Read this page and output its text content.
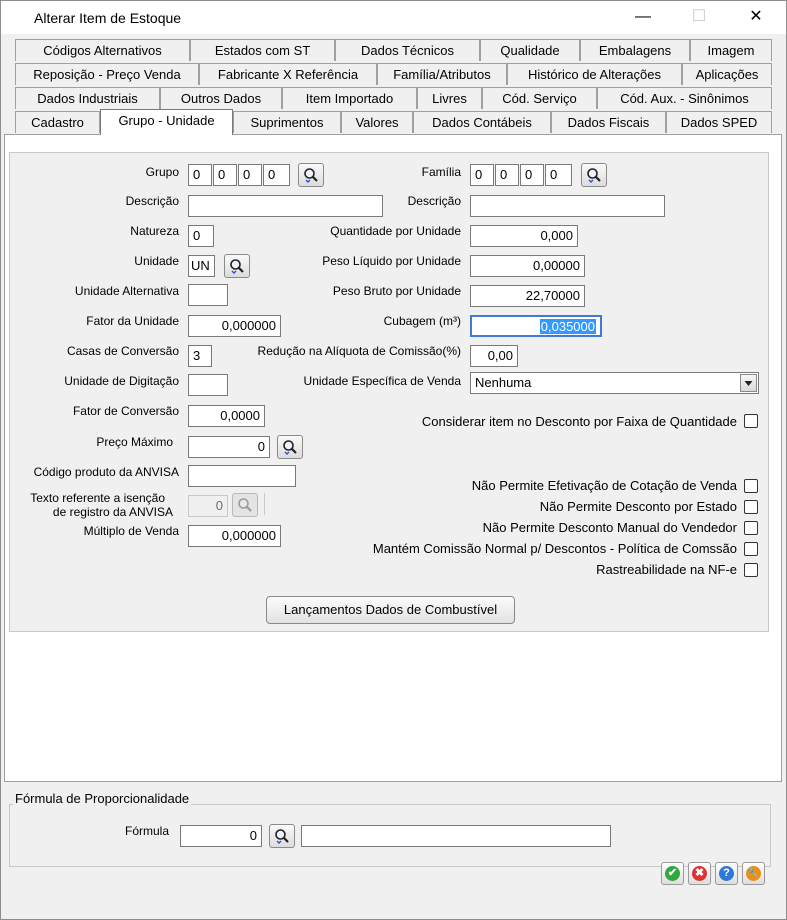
Alterar Item de Estoque	—	☐	✕
Códigos Alternativos	Estados com ST	Dados Técnicos	Qualidade	Embalagens	Imagem
Reposição - Preço Venda	Fabricante X Referência	Família/Atributos	Histórico de Alterações	Aplicações
Dados Industriais	Outros Dados	Item Importado	Livres	Cód. Serviço	Cód. Aux. - Sinônimos
Cadastro	Grupo - Unidade	Suprimentos	Valores	Dados Contábeis	Dados Fiscais	Dados SPED
Grupo	0	0	0	0	Família	0	0	0	0
Descrição	Descrição
Natureza	0	Quantidade por Unidade	0,000
Unidade UN	Peso Líquido por Unidade	0,00000
Unidade Alternativa	Peso Bruto por Unidade	22,70000
Fator da Unidade	0,000000	Cubagem (m³)	0,035000
Casas de Conversão	3	Redução na Alíquota de Comissão(%)	0,00
Unidade de Digitação	Unidade Específica de Venda	Nenhuma
Fator de Conversão	0,0000	Considerar item no Desconto por Faixa de Quantidade
Preço Máximo	0
Código produto da ANVISA
Texto referente a isenção
de registro da ANVISA	0
Múltiplo de Venda	0,000000
Não Permite Efetivação de Cotação de Venda
Não Permite Desconto por Estado
Não Permite Desconto Manual do Vendedor
Mantém Comissão Normal p/ Descontos - Política de Comssão
Rastreabilidade na NF-e
Lançamentos Dados de Combustível
Fórmula de Proporcionalidade
Fórmula	0
✔ ✖	?	🔧
